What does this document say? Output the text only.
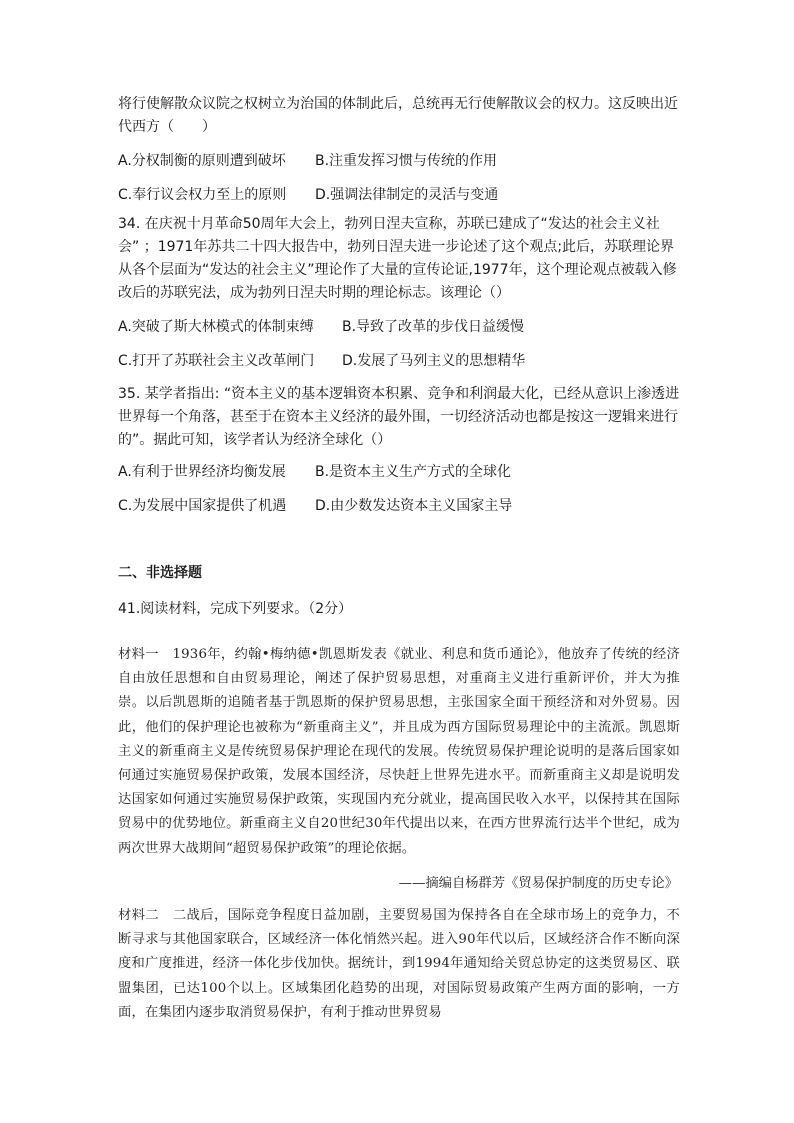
将行使解散众议院之权树立为治国的体制此后，总统再无行使解散议会的权力。这反映出近代西方（　　）

A.分权制衡的原则遭到破坏 B.注重发挥习惯与传统的作用
C.奉行议会权力至上的原则 D.强调法律制定的灵活与变通

34. 在庆祝十月革命50周年大会上，勃列日涅夫宣称，苏联已建成了“发达的社会主义社会” ；1971年苏共二十四大报告中，勃列日涅夫进一步论述了这个观点;此后，苏联理论界从各个层面为“发达的社会主义”理论作了大量的宣传论证,1977年，这个理论观点被载入修改后的苏联宪法，成为勃列日涅夫时期的理论标志。该理论（）

A.突破了斯大林模式的体制束缚 B.导致了改革的步伐日益缓慢
C.打开了苏联社会主义改革闸门 D.发展了马列主义的思想精华

35. 某学者指出: “资本主义的基本逻辑资本积累、竞争和利润最大化，已经从意识上渗透进世界每一个角落，甚至于在资本主义经济的最外围，一切经济活动也都是按这一逻辑来进行的”。据此可知，该学者认为经济全球化（）

A.有利于世界经济均衡发展 B.是资本主义生产方式的全球化
C.为发展中国家提供了机遇 D.由少数发达资本主义国家主导
二、非选择题
41.阅读材料，完成下列要求。（2分）

材料一　1936年，约翰•梅纳德•凯恩斯发表《就业、利息和货币通论》，他放弃了传统的经济自由放任思想和自由贸易理论，阐述了保护贸易思想，对重商主义进行重新评价，并大为推崇。以后凯恩斯的追随者基于凯恩斯的保护贸易思想，主张国家全面干预经济和对外贸易。因此，他们的保护理论也被称为“新重商主义”，并且成为西方国际贸易理论中的主流派。凯恩斯主义的新重商主义是传统贸易保护理论在现代的发展。传统贸易保护理论说明的是落后国家如何通过实施贸易保护政策，发展本国经济，尽快赶上世界先进水平。而新重商主义却是说明发达国家如何通过实施贸易保护政策，实现国内充分就业，提高国民收入水平，以保持其在国际贸易中的优势地位。新重商主义自20世纪30年代提出以来，在西方世界流行达半个世纪，成为两次世界大战期间“超贸易保护政策”的理论依据。

——摘编自杨群芳《贸易保护制度的历史专论》

材料二　二战后，国际竞争程度日益加剧，主要贸易国为保持各自在全球市场上的竞争力，不断寻求与其他国家联合，区域经济一体化悄然兴起。进入90年代以后，区域经济合作不断向深度和广度推进，经济一体化步伐加快。据统计，到1994年通知给关贸总协定的这类贸易区、联盟集团，已达100个以上。区域集团化趋势的出现，对国际贸易政策产生两方面的影响，一方面，在集团内逐步取消贸易保护，有利于推动世界贸易
